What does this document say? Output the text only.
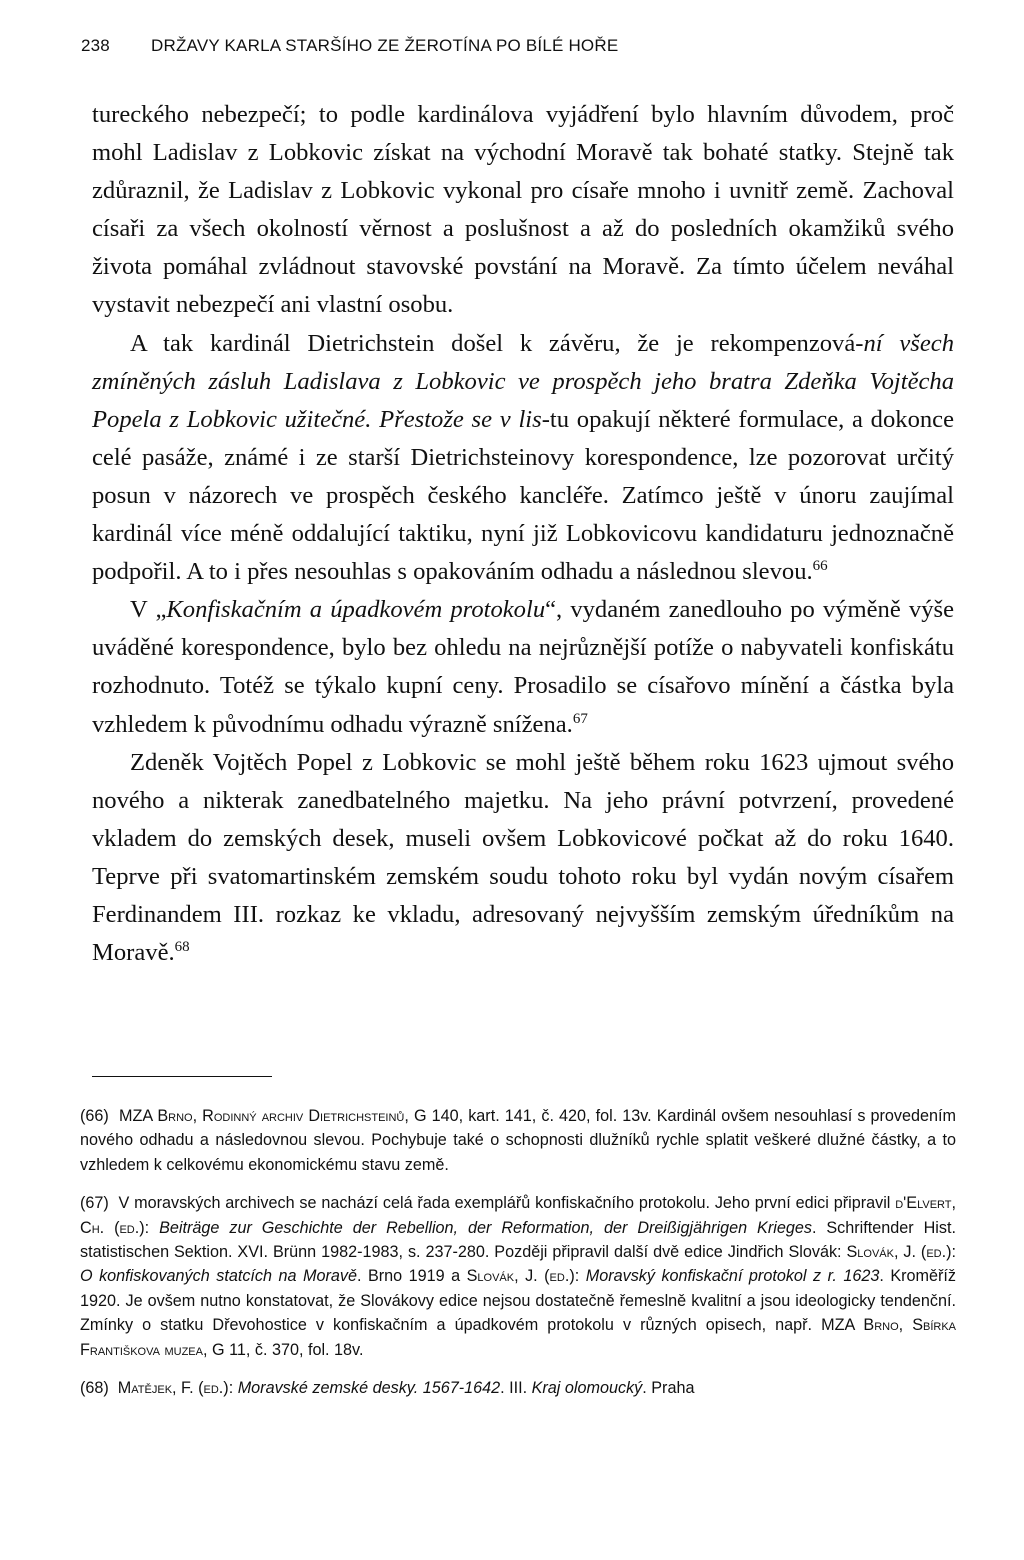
238 DRŽAVY KARLA STARŠÍHO ZE ŽEROTÍNA PO BÍLÉ HOŘE

tureckého nebezpečí; to podle kardinálova vyjádření bylo hlavním důvodem, proč mohl Ladislav z Lobkovic získat na východní Moravě tak bohaté statky. Stejně tak zdůraznil, že Ladislav z Lobkovic vykonal pro císaře mnoho i uvnitř země. Zachoval císaři za všech okolností věrnost a poslušnost a až do posledních okamžiků svého života pomáhal zvládnout stavovské povstání na Moravě. Za tímto účelem neváhal vystavit nebezpečí ani vlastní osobu.

A tak kardinál Dietrichstein došel k závěru, že je rekompenzová-ní všech zmíněných zásluh Ladislava z Lobkovic ve prospěch jeho bratra Zdeňka Vojtěcha Popela z Lobkovic užitečné. Přestože se v lis-tu opakují některé formulace, a dokonce celé pasáže, známé i ze starší Dietrichsteinovy korespondence, lze pozorovat určitý posun v názorech ve prospěch českého kancléře. Zatímco ještě v únoru zaujímal kardinál více méně oddalující taktiku, nyní již Lobkovicovu kandidaturu jednoznačně podpořil. A to i přes nesouhlas s opakováním odhadu a následnou slevou.$^{66}$

V „Konfiskačním a úpadkovém protokolu“, vydaném zanedlouho po výměně výše uváděné korespondence, bylo bez ohledu na nejrůznější potíže o nabyvateli konfiskátu rozhodnuto. Totéž se týkalo kupní ceny. Prosadilo se císařovo mínění a částka byla vzhledem k původnímu odhadu výrazně snížena.$^{67}$

Zdeněk Vojtěch Popel z Lobkovic se mohl ještě během roku 1623 ujmout svého nového a nikterak zanedbatelného majetku. Na jeho právní potvrzení, provedené vkladem do zemských desek, museli ovšem Lobkovicové počkat až do roku 1640. Teprve při svatomartinském zemském soudu tohoto roku byl vydán novým císařem Ferdinandem III. rozkaz ke vkladu, adresovaný nejvyšším zemským úředníkům na Moravě.$^{68}$

(66) MZA Brno, Rodinný archiv Dietrichsteinů, G 140, kart. 141, č. 420, fol. 13v. Kardinál ovšem nesouhlasí s provedením nového odhadu a následovnou slevou. Pochybuje také o schopnosti dlužníků rychle splatit veškeré dlužné částky, a to vzhledem k celkovému ekonomickému stavu země.

(67) V moravských archivech se nachází celá řada exemplářů konfiskačního protokolu. Jeho první edici připravil d'Elvert, Ch. (ed.): Beiträge zur Geschichte der Rebellion, der Reformation, der Dreißigjährigen Krieges. Schriftender Hist. statistischen Sektion. XVI. Brünn 1982-1983, s. 237-280. Později připravil další dvě edice Jindřich Slovák: Slovák, J. (ed.): O konfiskovaných statcích na Moravě. Brno 1919 a Slovák, J. (ed.): Moravský konfiskační protokol z r. 1623. Kroměříž 1920. Je ovšem nutno konstatovat, že Slovákovy edice nejsou dostatečně řemeslně kvalitní a jsou ideologicky tendenční. Zmínky o statku Dřevohostice v konfiskačním a úpadkovém protokolu v různých opisech, např. MZA Brno, Sbírka Františkova muzea, G 11, č. 370, fol. 18v.

(68) Matějek, F. (ed.): Moravské zemské desky. 1567-1642. III. Kraj olomoucký. Praha
